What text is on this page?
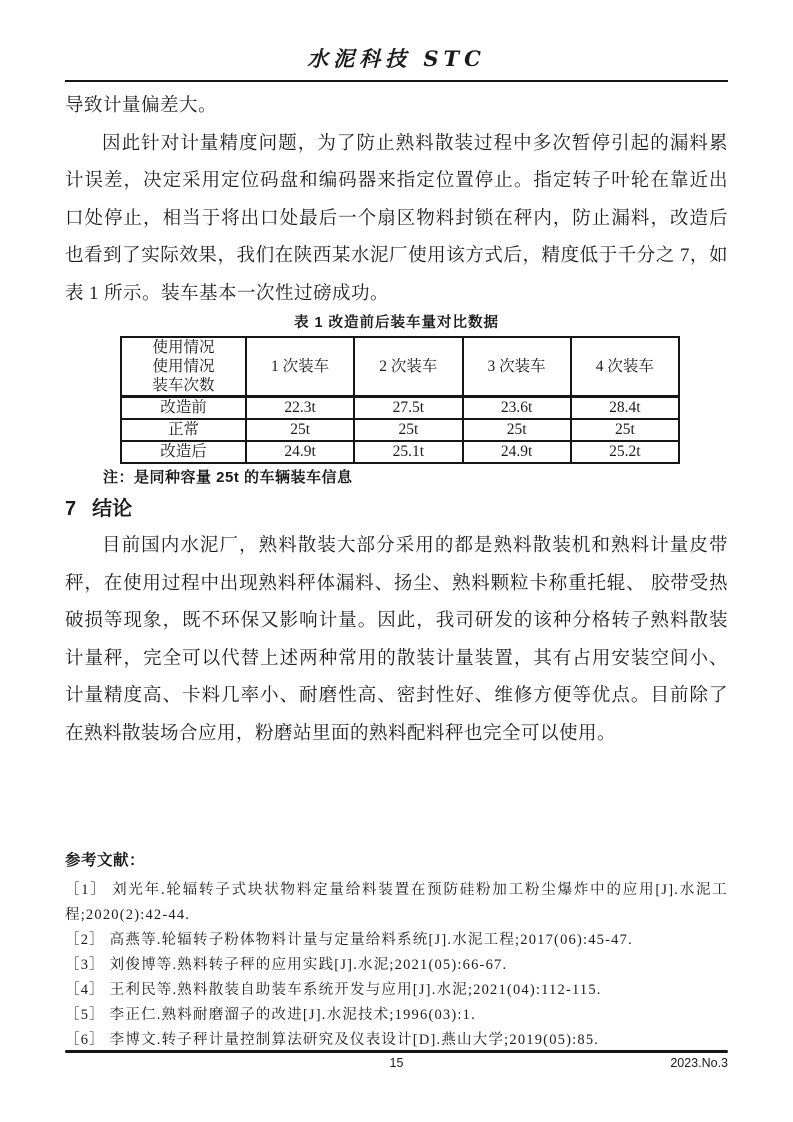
水泥科技 STC

导致计量偏差大。

因此针对计量精度问题，为了防止熟料散装过程中多次暂停引起的漏料累计误差，决定采用定位码盘和编码器来指定位置停止。指定转子叶轮在靠近出口处停止，相当于将出口处最后一个扇区物料封锁在秤内，防止漏料，改造后也看到了实际效果，我们在陕西某水泥厂使用该方式后，精度低于千分之 7，如表 1 所示。装车基本一次性过磅成功。

表 1 改造前后装车量对比数据
使用情况
使用情况
装车次数	1 次装车	2 次装车	3 次装车	4 次装车
改造前	22.3t	27.5t	23.6t	28.4t
正常	25t	25t	25t	25t
改造后	24.9t	25.1t	24.9t	25.2t
注：是同种容量 25t 的车辆装车信息
7 结论

目前国内水泥厂，熟料散装大部分采用的都是熟料散装机和熟料计量皮带秤，在使用过程中出现熟料秤体漏料、扬尘、熟料颗粒卡称重托辊、 胶带受热破损等现象，既不环保又影响计量。因此，我司研发的该种分格转子熟料散装计量秤，完全可以代替上述两种常用的散装计量装置，其有占用安装空间小、计量精度高、卡料几率小、耐磨性高、密封性好、维修方便等优点。目前除了在熟料散装场合应用，粉磨站里面的熟料配料秤也完全可以使用。

参考文献：

［1］ 刘光年.轮辐转子式块状物料定量给料装置在预防硅粉加工粉尘爆炸中的应用[J].水泥工程;2020(2):42-44.

［2］ 高燕等.轮辐转子粉体物料计量与定量给料系统[J].水泥工程;2017(06):45-47.

［3］ 刘俊博等.熟料转子秤的应用实践[J].水泥;2021(05):66-67.

［4］ 王利民等.熟料散装自助装车系统开发与应用[J].水泥;2021(04):112-115.

［5］ 李正仁.熟料耐磨溜子的改进[J].水泥技术;1996(03):1.

［6］ 李博文.转子秤计量控制算法研究及仪表设计[D].燕山大学;2019(05):85.

15	2023.No.3
